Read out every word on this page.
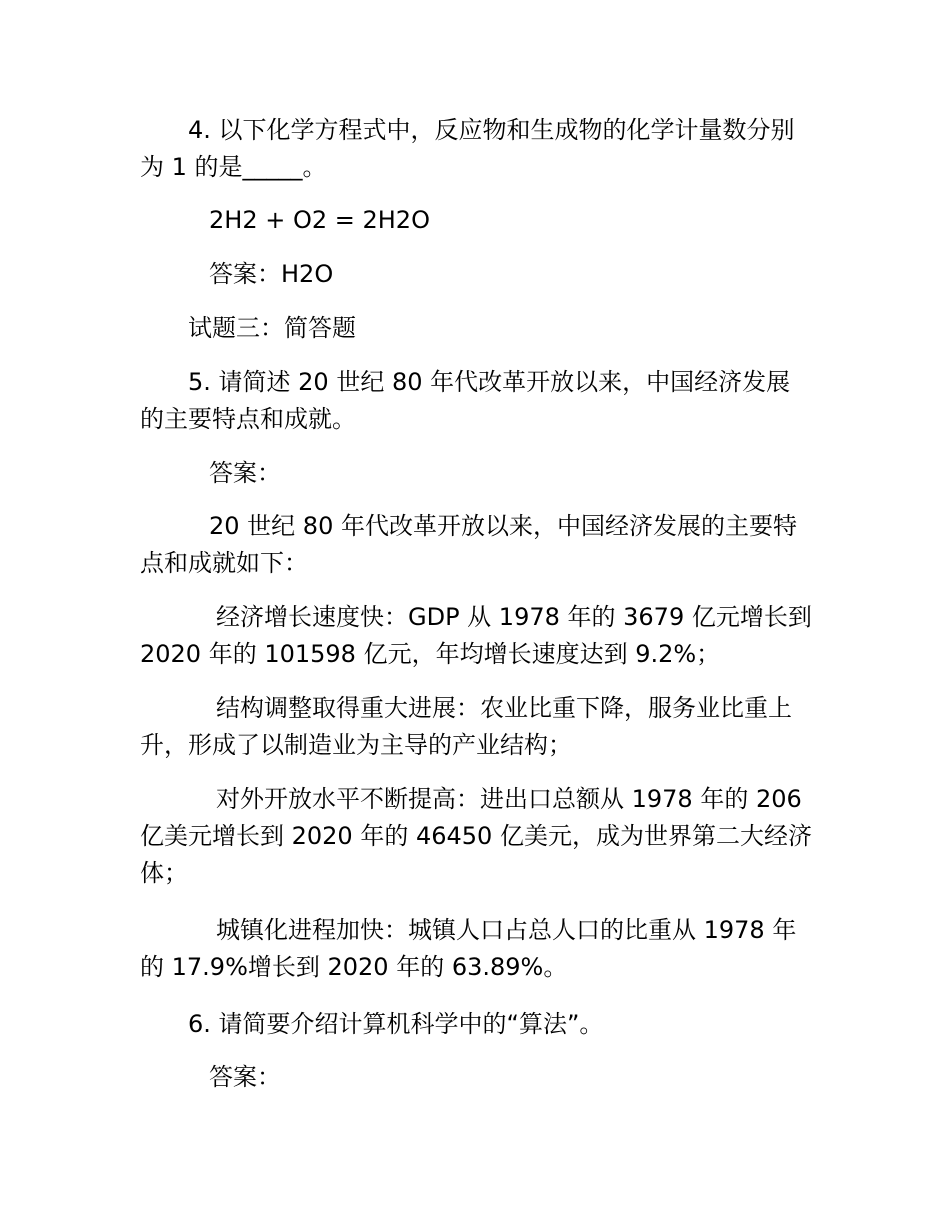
4. 以下化学方程式中，反应物和生成物的化学计量数分别为 1 的是_____。

2H2 + O2 = 2H2O

答案：H2O

试题三：简答题

5. 请简述 20 世纪 80 年代改革开放以来，中国经济发展的主要特点和成就。

答案：

20 世纪 80 年代改革开放以来，中国经济发展的主要特点和成就如下：

经济增长速度快：GDP 从 1978 年的 3679 亿元增长到 2020 年的 101598 亿元，年均增长速度达到 9.2%；

结构调整取得重大进展：农业比重下降，服务业比重上升，形成了以制造业为主导的产业结构；

对外开放水平不断提高：进出口总额从 1978 年的 206 亿美元增长到 2020 年的 46450 亿美元，成为世界第二大经济体；

城镇化进程加快：城镇人口占总人口的比重从 1978 年的 17.9%增长到 2020 年的 63.89%。

6. 请简要介绍计算机科学中的“算法”。

答案：
